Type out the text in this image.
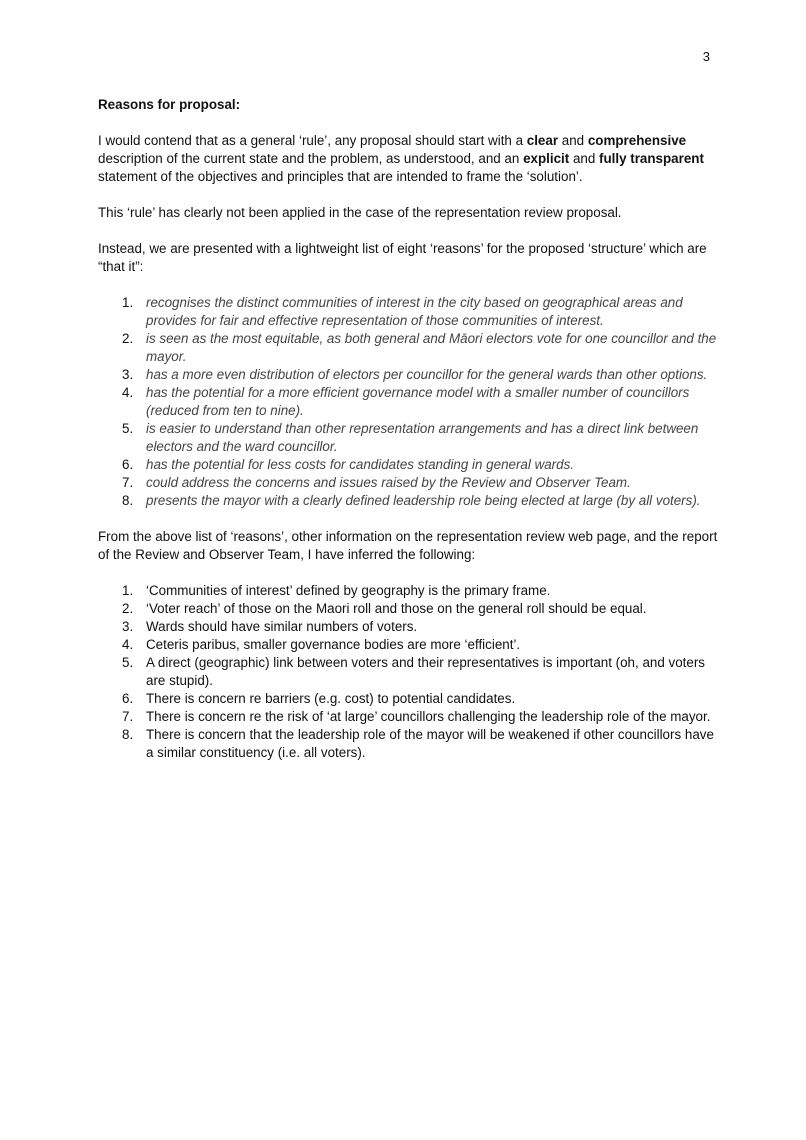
3
Reasons for proposal:

I would contend that as a general ‘rule’, any proposal should start with a clear and comprehensive description of the current state and the problem, as understood, and an explicit and fully transparent statement of the objectives and principles that are intended to frame the ‘solution’.

This ‘rule’ has clearly not been applied in the case of the representation review proposal.

Instead, we are presented with a lightweight list of eight ‘reasons’ for the proposed ‘structure’ which are “that it”:

1. recognises the distinct communities of interest in the city based on geographical areas and provides for fair and effective representation of those communities of interest.
2. is seen as the most equitable, as both general and Māori electors vote for one councillor and the mayor.
3. has a more even distribution of electors per councillor for the general wards than other options.
4. has the potential for a more efficient governance model with a smaller number of councillors (reduced from ten to nine).
5. is easier to understand than other representation arrangements and has a direct link between electors and the ward councillor.
6. has the potential for less costs for candidates standing in general wards.
7. could address the concerns and issues raised by the Review and Observer Team.
8. presents the mayor with a clearly defined leadership role being elected at large (by all voters).

From the above list of ‘reasons’, other information on the representation review web page, and the report of the Review and Observer Team, I have inferred the following:

1. ‘Communities of interest’ defined by geography is the primary frame.
2. ‘Voter reach’ of those on the Maori roll and those on the general roll should be equal.
3. Wards should have similar numbers of voters.
4. Ceteris paribus, smaller governance bodies are more ‘efficient’.
5. A direct (geographic) link between voters and their representatives is important (oh, and voters are stupid).
6. There is concern re barriers (e.g. cost) to potential candidates.
7. There is concern re the risk of ‘at large’ councillors challenging the leadership role of the mayor.
8. There is concern that the leadership role of the mayor will be weakened if other councillors have a similar constituency (i.e. all voters).
